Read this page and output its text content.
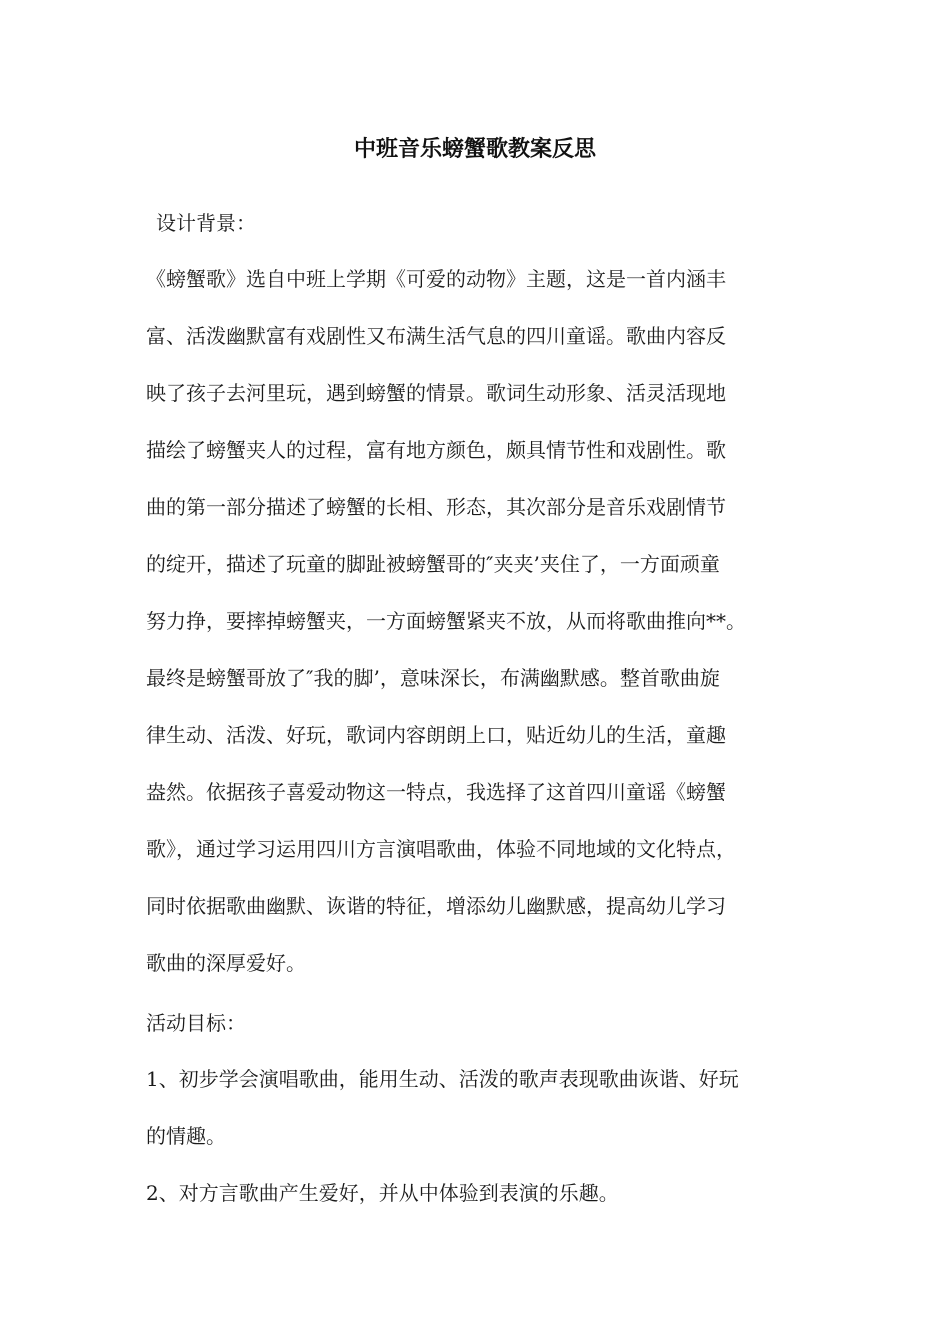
中班音乐螃蟹歌教案反思
设计背景：
《螃蟹歌》选自中班上学期《可爱的动物》主题，这是一首内涵丰
富、活泼幽默富有戏剧性又布满生活气息的四川童谣。歌曲内容反
映了孩子去河里玩，遇到螃蟹的情景。歌词生动形象、活灵活现地
描绘了螃蟹夹人的过程，富有地方颜色，颇具情节性和戏剧性。歌
曲的第一部分描述了螃蟹的长相、形态，其次部分是音乐戏剧情节
的绽开，描述了玩童的脚趾被螃蟹哥的″夹夹’夹住了，一方面顽童
努力挣，要摔掉螃蟹夹，一方面螃蟹紧夹不放，从而将歌曲推向**。
最终是螃蟹哥放了″我的脚’，意味深长，布满幽默感。整首歌曲旋
律生动、活泼、好玩，歌词内容朗朗上口，贴近幼儿的生活，童趣
盎然。依据孩子喜爱动物这一特点，我选择了这首四川童谣《螃蟹
歌》，通过学习运用四川方言演唱歌曲，体验不同地域的文化特点，
同时依据歌曲幽默、诙谐的特征，增添幼儿幽默感，提高幼儿学习
歌曲的深厚爱好。
活动目标：
1、初步学会演唱歌曲，能用生动、活泼的歌声表现歌曲诙谐、好玩
的情趣。
2、对方言歌曲产生爱好，并从中体验到表演的乐趣。
